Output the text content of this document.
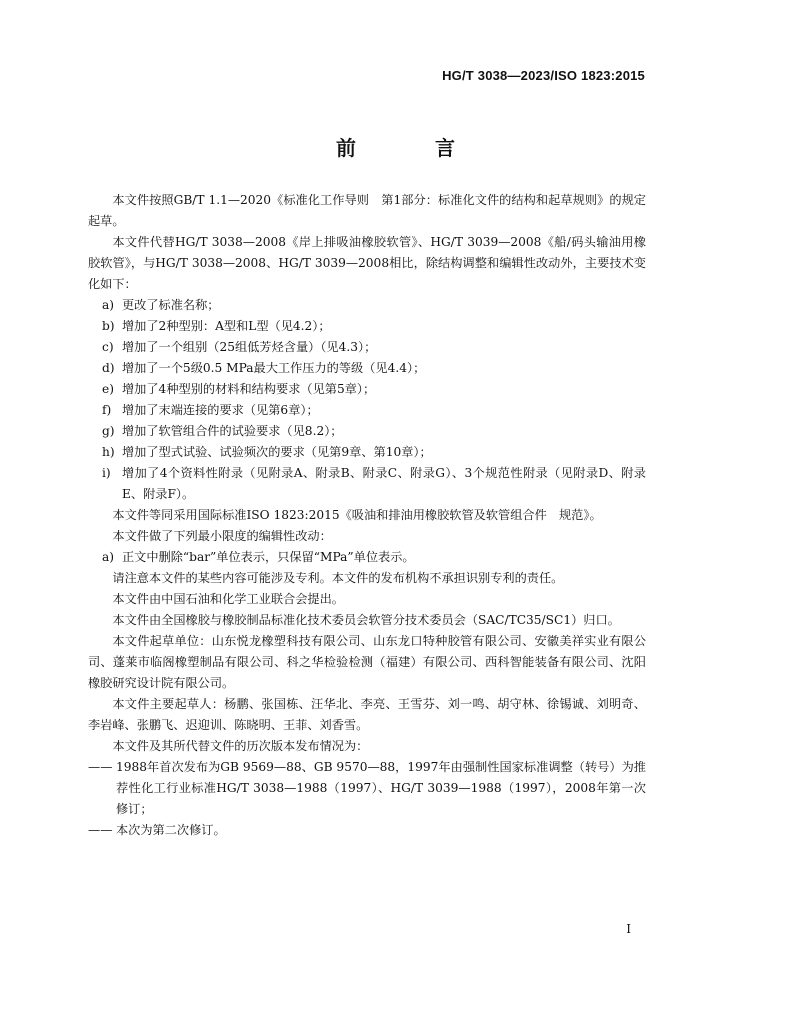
HG/T 3038—2023/ISO 1823:2015
前 言

本文件按照GB/T 1.1—2020《标准化工作导则　第1部分：标准化文件的结构和起草规则》的规定起草。

本文件代替HG/T 3038—2008《岸上排吸油橡胶软管》、HG/T 3039—2008《船/码头输油用橡胶软管》，与HG/T 3038—2008、HG/T 3039—2008相比，除结构调整和编辑性改动外，主要技术变化如下：

a) 更改了标准名称；
b) 增加了2种型别：A型和L型（见4.2）；
c) 增加了一个组别（25组低芳烃含量）（见4.3）；
d) 增加了一个5级0.5 MPa最大工作压力的等级（见4.4）；
e) 增加了4种型别的材料和结构要求（见第5章）；
f) 增加了末端连接的要求（见第6章）；
g) 增加了软管组合件的试验要求（见8.2）；
h) 增加了型式试验、试验频次的要求（见第9章、第10章）；
i) 增加了4个资料性附录（见附录A、附录B、附录C、附录G）、3个规范性附录（见附录D、附录E、附录F）。

本文件等同采用国际标准ISO 1823:2015《吸油和排油用橡胶软管及软管组合件　规范》。

本文件做了下列最小限度的编辑性改动：

a) 正文中删除“bar”单位表示，只保留“MPa”单位表示。

请注意本文件的某些内容可能涉及专利。本文件的发布机构不承担识别专利的责任。

本文件由中国石油和化学工业联合会提出。

本文件由全国橡胶与橡胶制品标准化技术委员会软管分技术委员会（SAC/TC35/SC1）归口。

本文件起草单位：山东悦龙橡塑科技有限公司、山东龙口特种胶管有限公司、安徽美祥实业有限公司、蓬莱市临阁橡塑制品有限公司、科之华检验检测（福建）有限公司、西科智能装备有限公司、沈阳橡胶研究设计院有限公司。

本文件主要起草人：杨鹏、张国栋、汪华北、李亮、王雪芬、刘一鸣、胡守林、徐锡诚、刘明奇、李岩峰、张鹏飞、迟迎训、陈晓明、王菲、刘香雪。

本文件及其所代替文件的历次版本发布情况为：

—— 1988年首次发布为GB 9569—88、GB 9570—88，1997年由强制性国家标准调整（转号）为推荐性化工行业标准HG/T 3038—1988（1997）、HG/T 3039—1988（1997），2008年第一次修订；
—— 本次为第二次修订。
I
